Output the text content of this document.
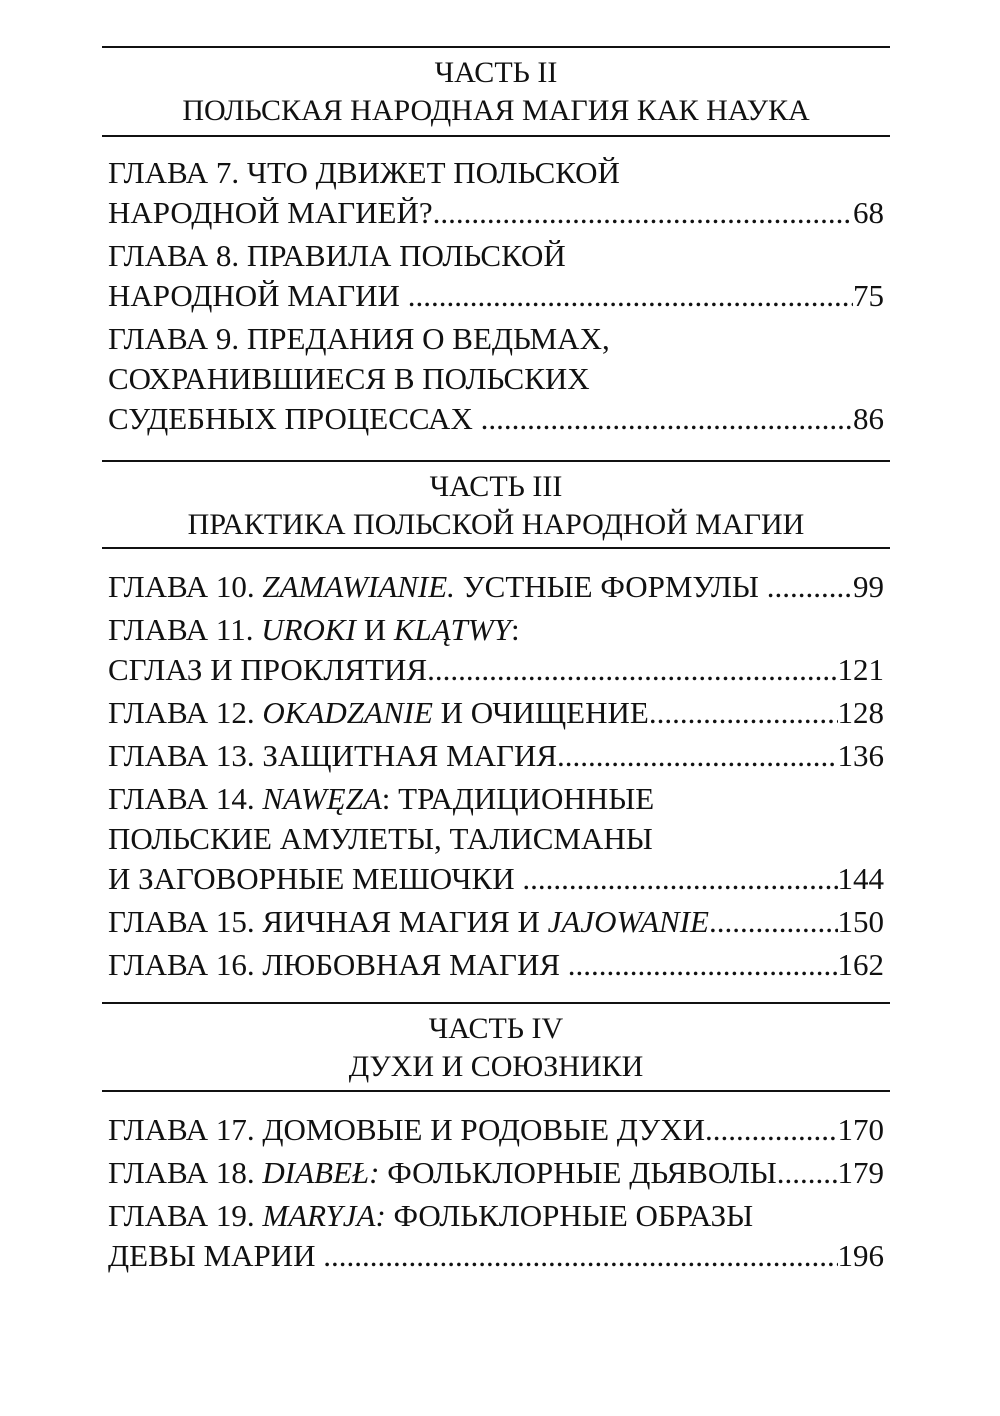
ЧАСТЬ II
ПОЛЬСКАЯ НАРОДНАЯ МАГИЯ КАК НАУКА
ГЛАВА 7. ЧТО ДВИЖЕТ ПОЛЬСКОЙ
НАРОДНОЙ МАГИЕЙ? .....	68
ГЛАВА 8. ПРАВИЛА ПОЛЬСКОЙ
НАРОДНОЙ МАГИИ .....	75
ГЛАВА 9. ПРЕДАНИЯ О ВЕДЬМАХ,
СОХРАНИВШИЕСЯ В ПОЛЬСКИХ
СУДЕБНЫХ ПРОЦЕССАХ .....	86
ЧАСТЬ III
ПРАКТИКА ПОЛЬСКОЙ НАРОДНОЙ МАГИИ
ГЛАВА 10. ZAMAWIANIE. УСТНЫЕ ФОРМУЛЫ .....	99
ГЛАВА 11. UROKI И KLĄTWY:
СГЛАЗ И ПРОКЛЯТИЯ .....	121
ГЛАВА 12. OKADZANIE И ОЧИЩЕНИЕ .....	128
ГЛАВА 13. ЗАЩИТНАЯ МАГИЯ .....	136
ГЛАВА 14. NAWĘZA: ТРАДИЦИОННЫЕ
ПОЛЬСКИЕ АМУЛЕТЫ, ТАЛИСМАНЫ
И ЗАГОВОРНЫЕ МЕШОЧКИ .....	144
ГЛАВА 15. ЯИЧНАЯ МАГИЯ И JAJOWANIE .....	150
ГЛАВА 16. ЛЮБОВНАЯ МАГИЯ .....	162
ЧАСТЬ IV
ДУХИ И СОЮЗНИКИ
ГЛАВА 17. ДОМОВЫЕ И РОДОВЫЕ ДУХИ .....	170
ГЛАВА 18. DIABEŁ: ФОЛЬКЛОРНЫЕ ДЬЯВОЛЫ ..... 179
ГЛАВА 19. MARYJA: ФОЛЬКЛОРНЫЕ ОБРАЗЫ
ДЕВЫ МАРИИ .....	196
